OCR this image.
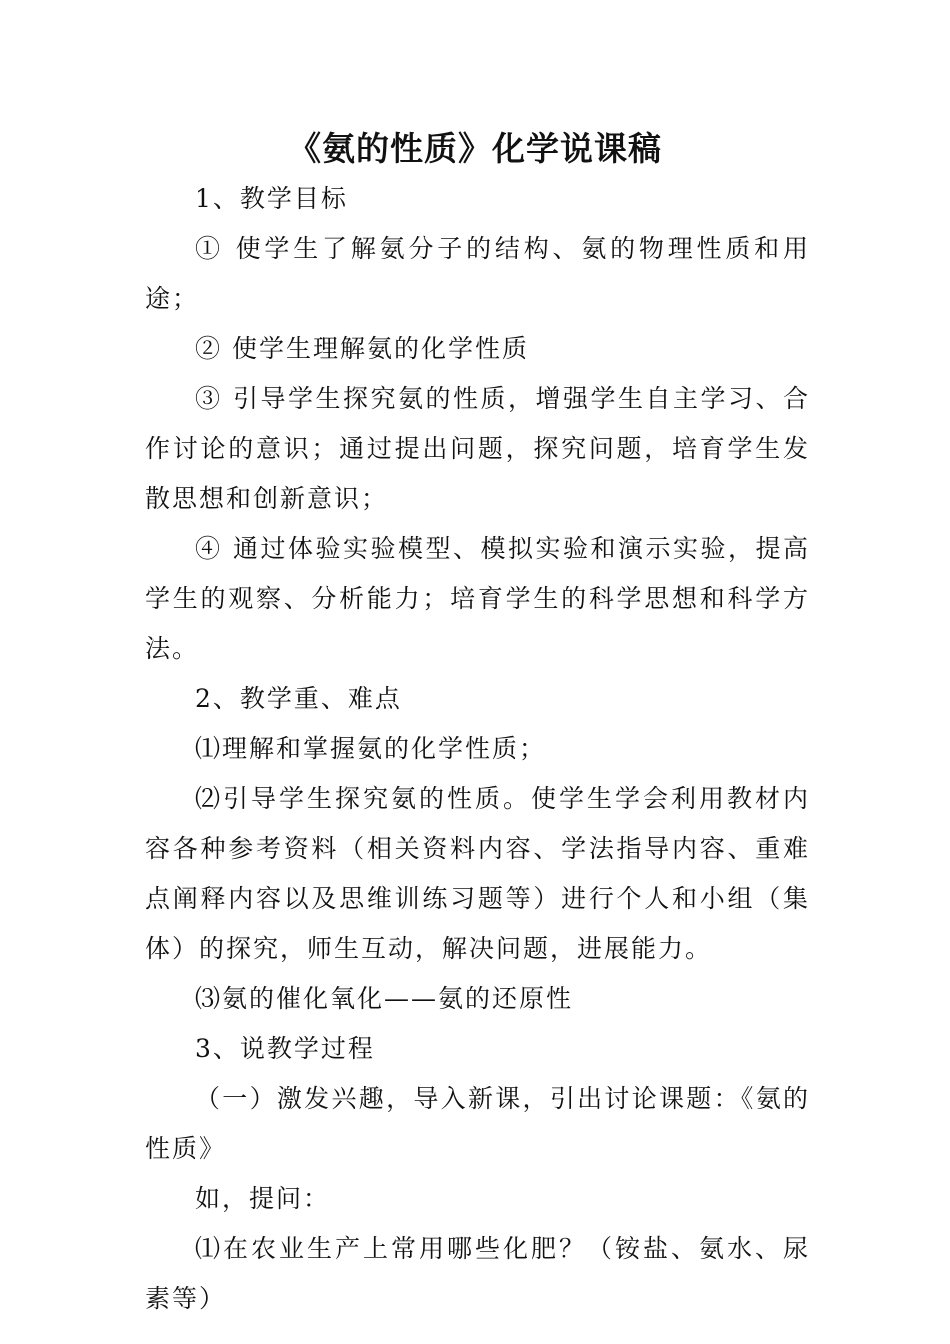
《氨的性质》化学说课稿

1、教学目标

① 使学生了解氨分子的结构、氨的物理性质和用途；

② 使学生理解氨的化学性质

③ 引导学生探究氨的性质，增强学生自主学习、合作讨论的意识；通过提出问题，探究问题，培育学生发散思想和创新意识；

④ 通过体验实验模型、模拟实验和演示实验，提高学生的观察、分析能力；培育学生的科学思想和科学方法。

2、教学重、难点

⑴理解和掌握氨的化学性质；

⑵引导学生探究氨的性质。使学生学会利用教材内容各种参考资料（相关资料内容、学法指导内容、重难点阐释内容以及思维训练习题等）进行个人和小组（集体）的探究，师生互动，解决问题，进展能力。

⑶氨的催化氧化——氨的还原性

3、说教学过程

（一）激发兴趣，导入新课，引出讨论课题：《氨的性质》

如，提问：

⑴在农业生产上常用哪些化肥？（铵盐、氨水、尿素等）
